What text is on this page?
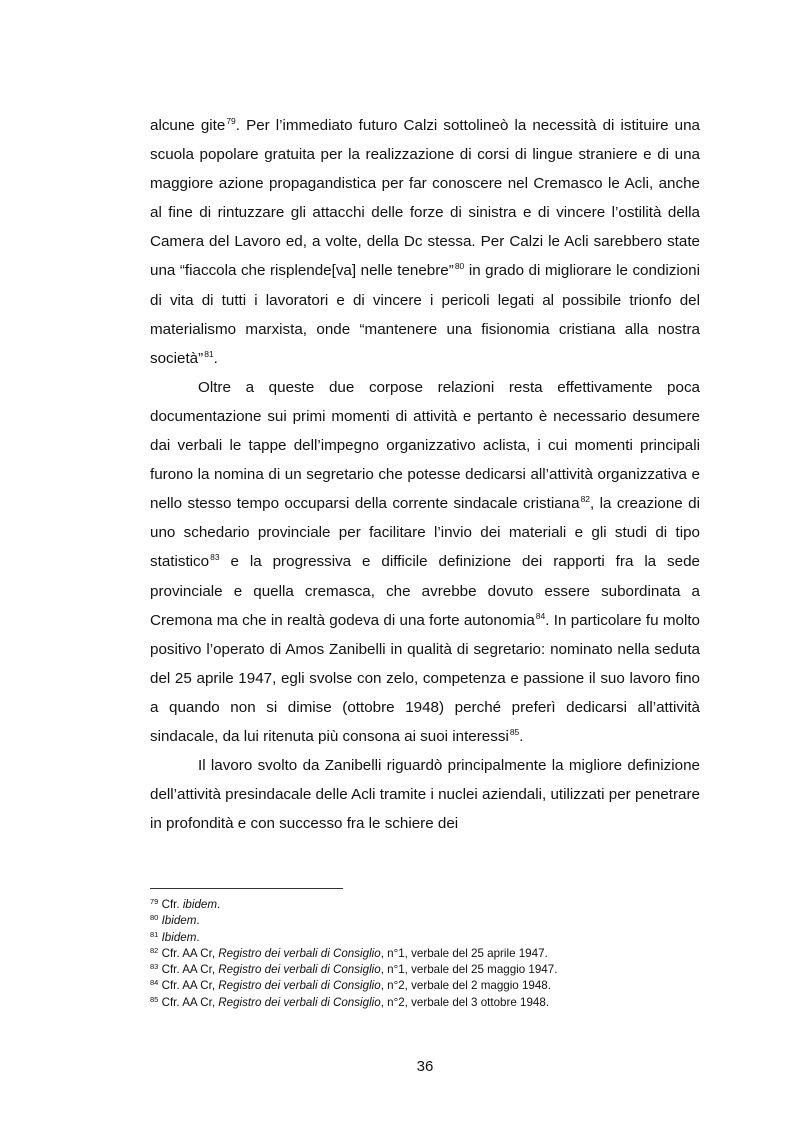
alcune gite$^{79}$. Per l’immediato futuro Calzi sottolineò la necessità di istituire una scuola popolare gratuita per la realizzazione di corsi di lingue straniere e di una maggiore azione propagandistica per far conoscere nel Cremasco le Acli, anche al fine di rintuzzare gli attacchi delle forze di sinistra e di vincere l’ostilità della Camera del Lavoro ed, a volte, della Dc stessa. Per Calzi le Acli sarebbero state una “fiaccola che risplende[va] nelle tenebre”$^{80}$ in grado di migliorare le condizioni di vita di tutti i lavoratori e di vincere i pericoli legati al possibile trionfo del materialismo marxista, onde “mantenere una fisionomia cristiana alla nostra società”$^{81}$.

Oltre a queste due corpose relazioni resta effettivamente poca documentazione sui primi momenti di attività e pertanto è necessario desumere dai verbali le tappe dell’impegno organizzativo aclista, i cui momenti principali furono la nomina di un segretario che potesse dedicarsi all’attività organizzativa e nello stesso tempo occuparsi della corrente sindacale cristiana$^{82}$, la creazione di uno schedario provinciale per facilitare l’invio dei materiali e gli studi di tipo statistico$^{83}$ e la progressiva e difficile definizione dei rapporti fra la sede provinciale e quella cremasca, che avrebbe dovuto essere subordinata a Cremona ma che in realtà godeva di una forte autonomia$^{84}$. In particolare fu molto positivo l’operato di Amos Zanibelli in qualità di segretario: nominato nella seduta del 25 aprile 1947, egli svolse con zelo, competenza e passione il suo lavoro fino a quando non si dimise (ottobre 1948) perché preferì dedicarsi all’attività sindacale, da lui ritenuta più consona ai suoi interessi$^{85}$.

Il lavoro svolto da Zanibelli riguardò principalmente la migliore definizione dell’attività presindacale delle Acli tramite i nuclei aziendali, utilizzati per penetrare in profondità e con successo fra le schiere dei

$^{79}$ Cfr. ibidem.
$^{80}$ Ibidem.
$^{81}$ Ibidem.
$^{82}$ Cfr. AA Cr, Registro dei verbali di Consiglio, n°1, verbale del 25 aprile 1947.
$^{83}$ Cfr. AA Cr, Registro dei verbali di Consiglio, n°1, verbale del 25 maggio 1947.
$^{84}$ Cfr. AA Cr, Registro dei verbali di Consiglio, n°2, verbale del 2 maggio 1948.
$^{85}$ Cfr. AA Cr, Registro dei verbali di Consiglio, n°2, verbale del 3 ottobre 1948.
36
